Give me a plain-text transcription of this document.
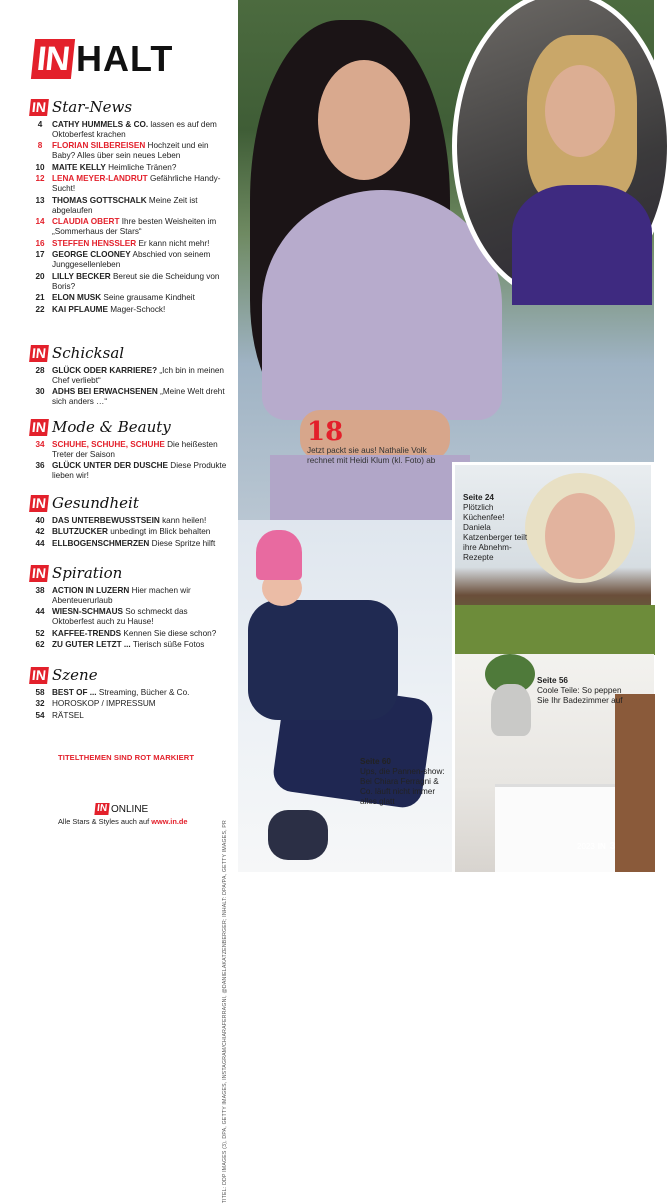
IN HALT
IN Star-News
4	CATHY HUMMELS & CO. lassen es auf dem Oktoberfest krachen
8	FLORIAN SILBEREISEN Hochzeit und ein Baby? Alles über sein neues Leben
10 MAITE KELLY Heimliche Tränen?
12 LENA MEYER-LANDRUT Gefährliche Handy-Sucht!
13 THOMAS GOTTSCHALK Meine Zeit ist abgelaufen
14 CLAUDIA OBERT Ihre besten Weisheiten im „Sommerhaus der Stars“
16 STEFFEN HENSSLER Er kann nicht mehr!
17 GEORGE CLOONEY Abschied von seinem Junggesellenleben
20 LILLY BECKER Bereut sie die Scheidung von Boris?
21 ELON MUSK Seine grausame Kindheit
22 KAI PFLAUME Mager-Schock!
IN Schicksal
28 GLÜCK ODER KARRIERE? „Ich bin in meinen Chef verliebt“
30 ADHS BEI ERWACHSENEN „Meine Welt dreht sich anders …“
IN Mode & Beauty
34 SCHUHE, SCHUHE, SCHUHE Die heißesten Treter der Saison
36 GLÜCK UNTER DER DUSCHE Diese Produkte lieben wir!
IN Gesundheit
40 DAS UNTERBEWUSSTSEIN kann heilen!
42 BLUTZUCKER unbedingt im Blick behalten
44 ELLBOGENSCHMERZEN Diese Spritze hilft
IN Spiration
38 ACTION IN LUZERN Hier machen wir Abenteuerurlaub
44 WIESN-SCHMAUS So schmeckt das Oktoberfest auch zu Hause!
52 KAFFEE-TRENDS Kennen Sie diese schon?
62 ZU GUTER LETZT ... Tierisch süße Fotos
IN Szene
58 BEST OF ... Streaming, Bücher & Co.
32 HOROSKOP / IMPRESSUM
54 RÄTSEL
TITELTHEMEN SIND ROT MARKIERT
IN ONLINE
Alle Stars & Styles auch auf www.in.de	TITEL: DDP IMAGES (3), DPA, GETTY IMAGES, INSTAGRAM/CHIARAFERRAGNI, @DANIELAKATZENBERGER; INHALT: DPA/PA, GETTY IMAGES, PR
18
Jetzt packt sie aus! Nathalie Volk rechnet mit Heidi Klum (kl. Foto) ab
Seite 24
Plötzlich Küchenfee! Daniela Katzenberger teilt ihre Abnehm-Rezepte
Seite 60
Ups, die Pannen-show: Bei Chiara Ferragni & Co. läuft nicht immer alles glatt
Seite 56
Coole Teile: So peppen Sie Ihr Badezimmer auf
2023 IN 3
